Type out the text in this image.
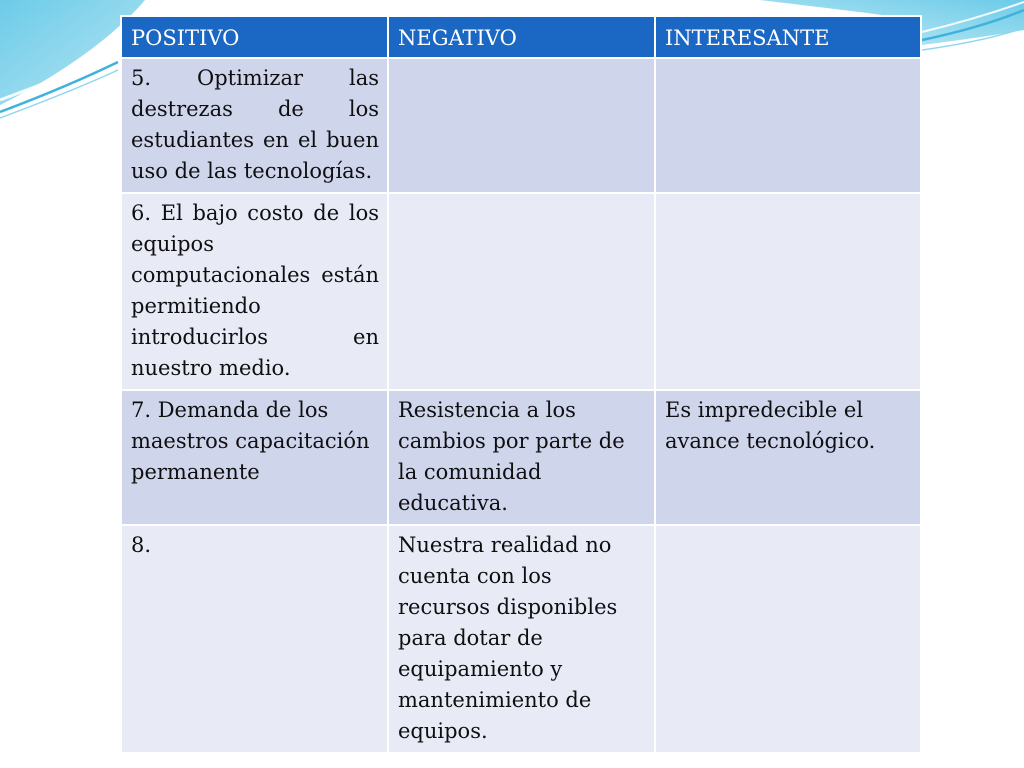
POSITIVO	NEGATIVO	INTERESANTE
5. Optimizar las destrezas de los estudiantes en el buen uso de las tecnologías.		
6. El bajo costo de los equipos computacionales están permitiendo introducirlos en nuestro medio.		
7. Demanda de los maestros capacitación permanente	Resistencia a los cambios por parte de la comunidad educativa.	Es impredecible el avance tecnológico.
8.	Nuestra realidad no cuenta con los recursos disponibles para dotar de equipamiento y mantenimiento de equipos.	
